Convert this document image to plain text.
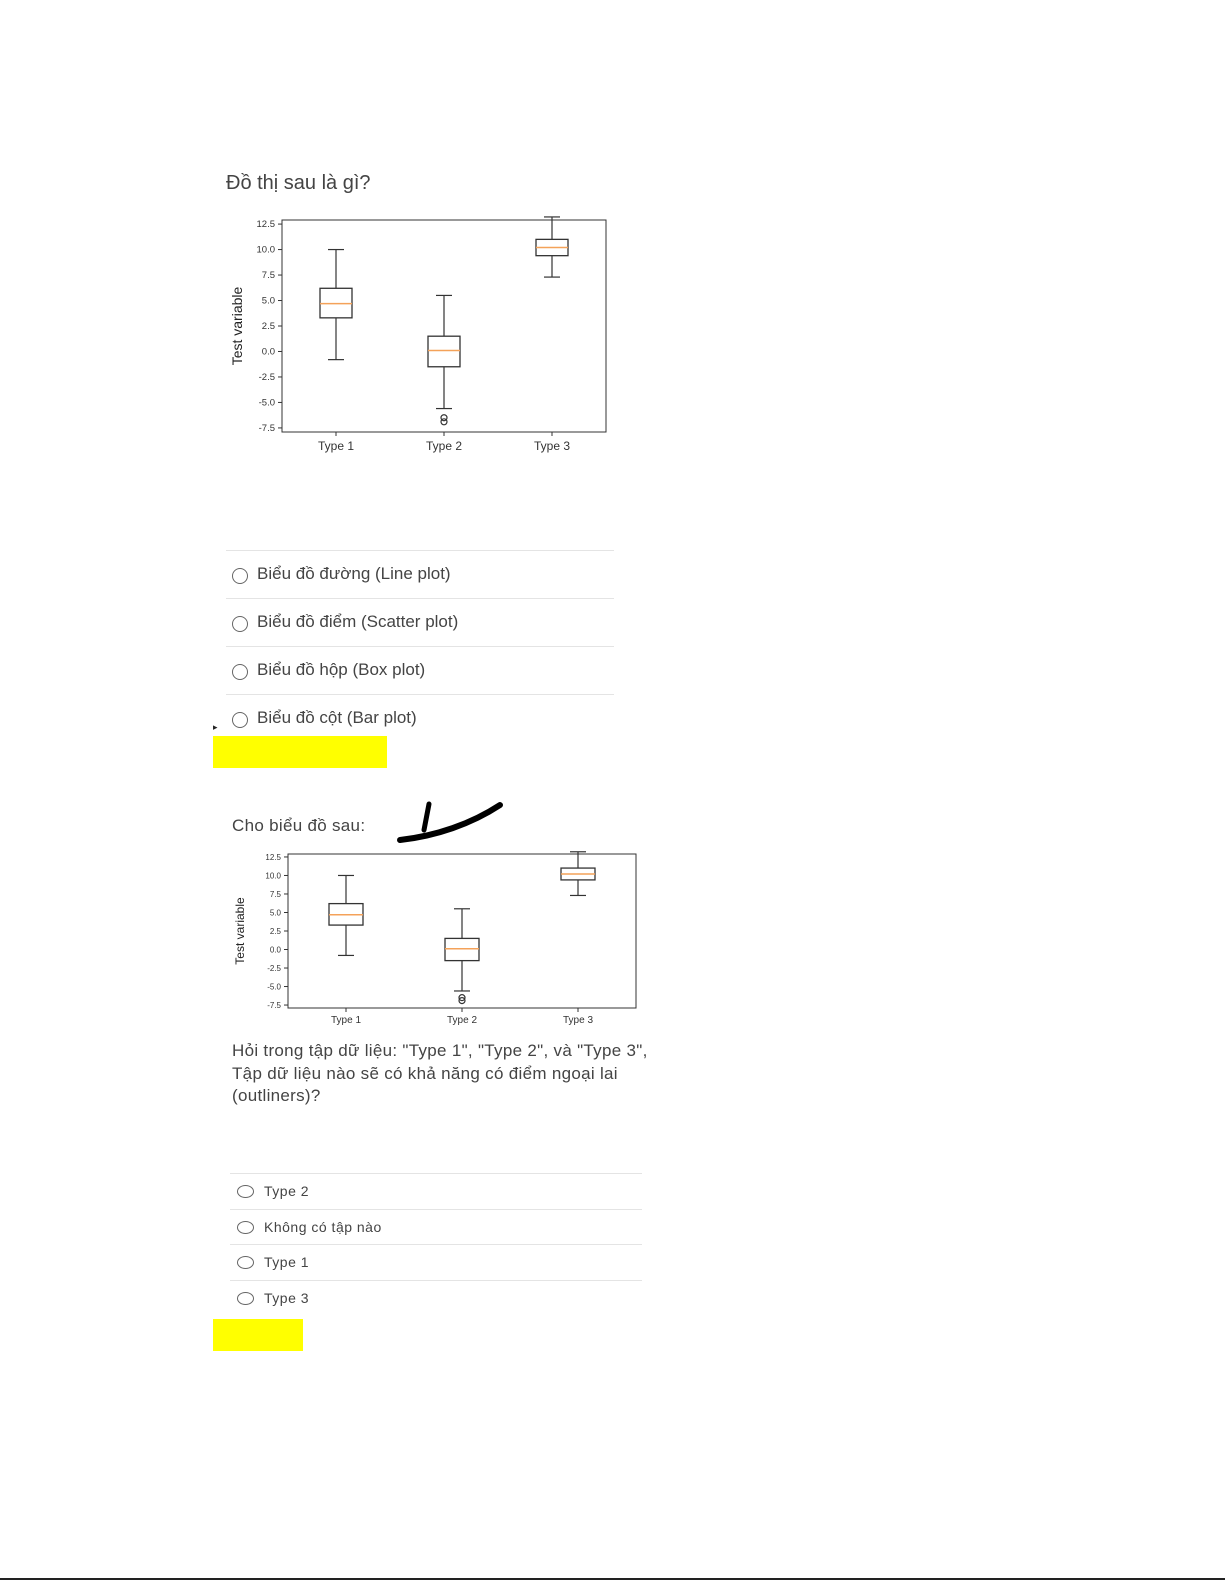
Đồ thị sau là gì?
12.5
10.0
7.5
5.0
2.5
0.0
-2.5
-5.0
-7.5
Type 1	Type 2	Type 3
Test variable
Biểu đồ đường (Line plot)
Biểu đồ điểm (Scatter plot)
Biểu đồ hộp (Box plot)
Biểu đồ cột (Bar plot)
▸
Cho biểu đồ sau:
12.5
10.0
7.5
5.0
2.5
0.0
-2.5
-5.0
-7.5
Type 1	Type 2	Type 3
Test variable
Hỏi trong tập dữ liệu: "Type 1", "Type 2", và "Type 3", Tập dữ liệu nào sẽ có khả năng có điểm ngoại lai (outliners)?
Type 2
Không có tập nào
Type 1
Type 3
